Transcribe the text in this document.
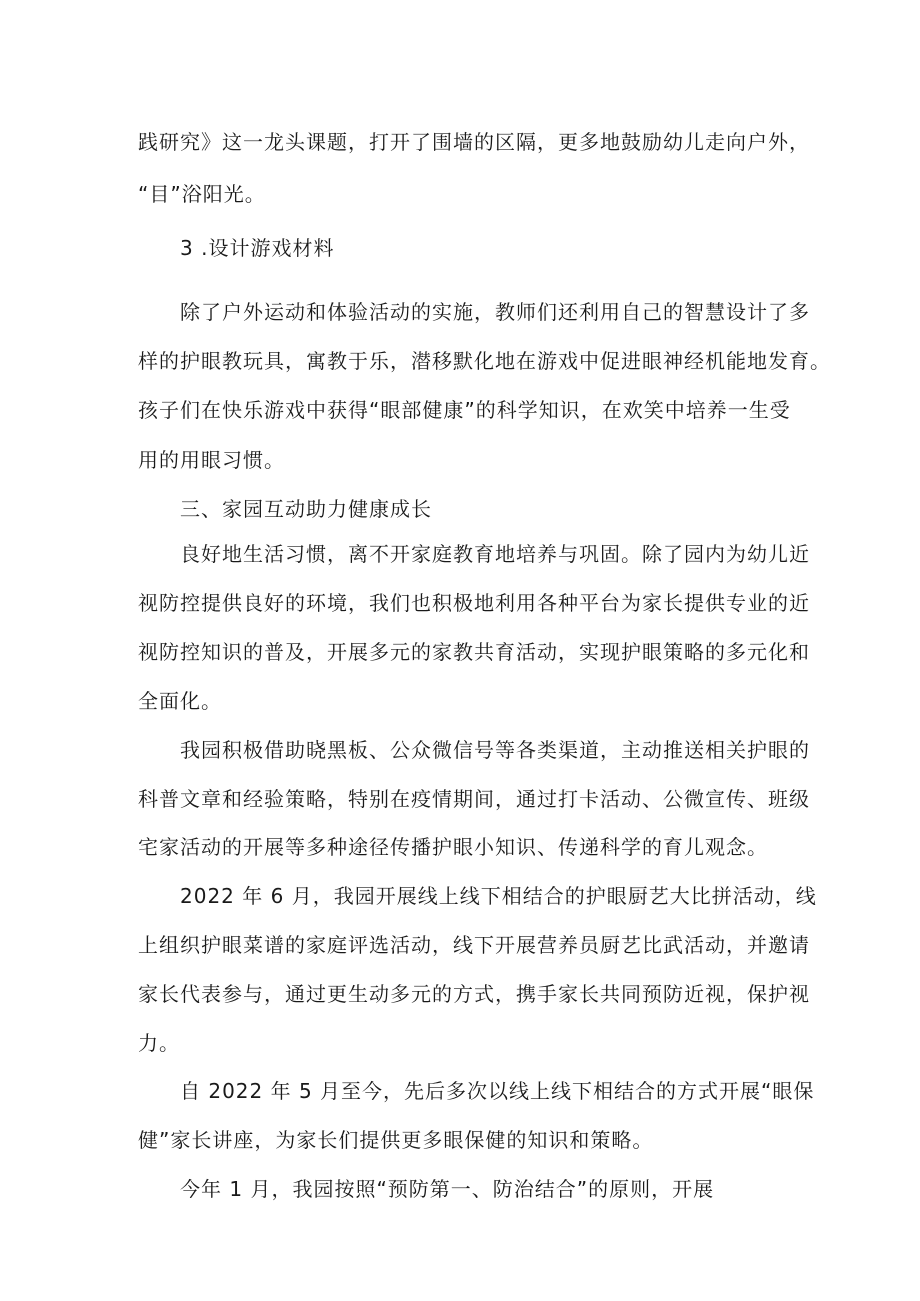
践研究》这一龙头课题，打开了围墙的区隔，更多地鼓励幼儿走向户外，

“目”浴阳光。

3 .设计游戏材料

除了户外运动和体验活动的实施，教师们还利用自己的智慧设计了多

样的护眼教玩具，寓教于乐，潜移默化地在游戏中促进眼神经机能地发育。

孩子们在快乐游戏中获得“眼部健康”的科学知识，在欢笑中培养一生受

用的用眼习惯。

三、家园互动助力健康成长

良好地生活习惯，离不开家庭教育地培养与巩固。除了园内为幼儿近

视防控提供良好的环境，我们也积极地利用各种平台为家长提供专业的近

视防控知识的普及，开展多元的家教共育活动，实现护眼策略的多元化和

全面化。

我园积极借助晓黑板、公众微信号等各类渠道，主动推送相关护眼的

科普文章和经验策略，特别在疫情期间，通过打卡活动、公微宣传、班级

宅家活动的开展等多种途径传播护眼小知识、传递科学的育儿观念。

2022 年 6 月，我园开展线上线下相结合的护眼厨艺大比拼活动，线

上组织护眼菜谱的家庭评选活动，线下开展营养员厨艺比武活动，并邀请

家长代表参与，通过更生动多元的方式，携手家长共同预防近视，保护视

力。

自 2022 年 5 月至今，先后多次以线上线下相结合的方式开展“眼保

健”家长讲座，为家长们提供更多眼保健的知识和策略。

今年 1 月，我园按照“预防第一、防治结合”的原则，开展
